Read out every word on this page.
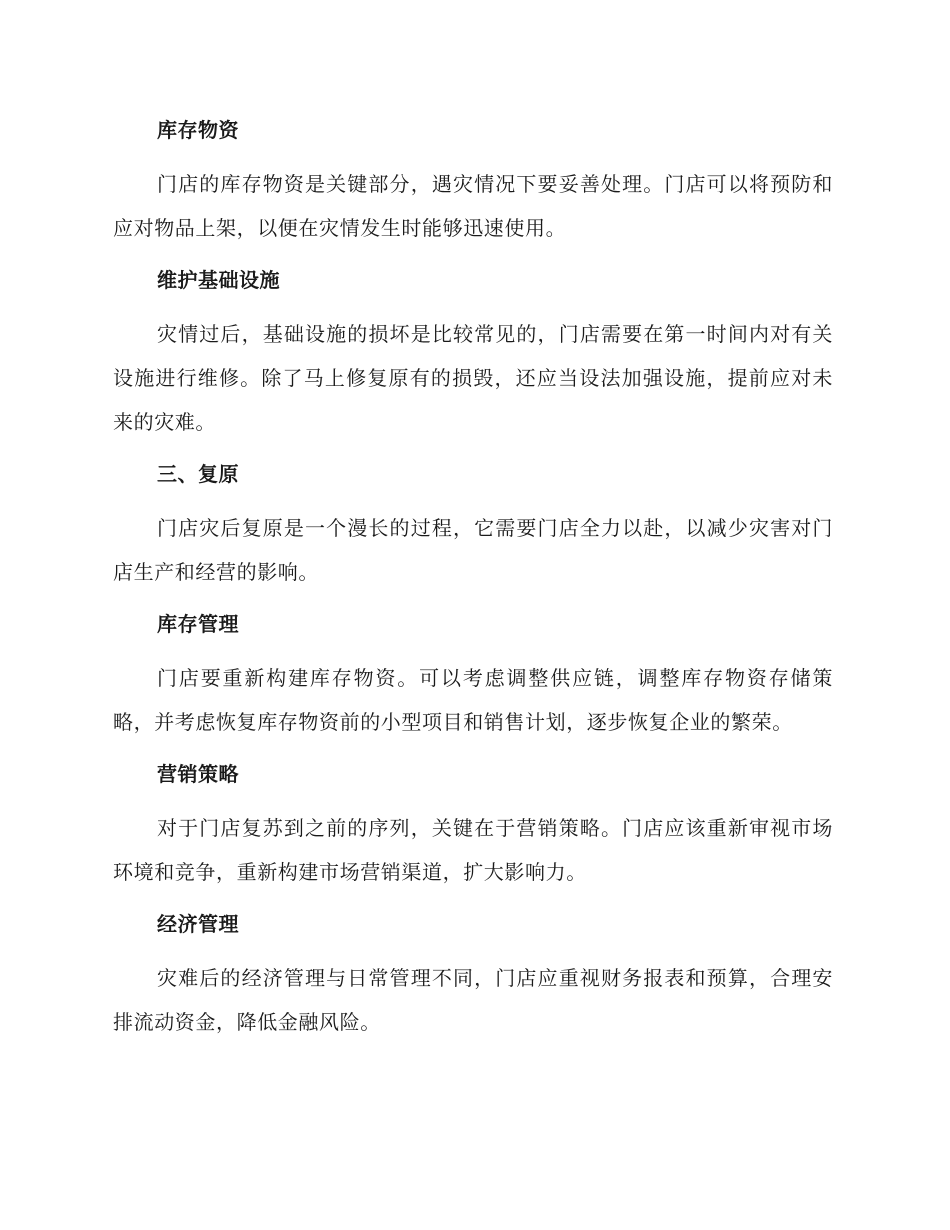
库存物资

门店的库存物资是关键部分，遇灾情况下要妥善处理。门店可以将预防和应对物品上架，以便在灾情发生时能够迅速使用。

维护基础设施

灾情过后，基础设施的损坏是比较常见的，门店需要在第一时间内对有关设施进行维修。除了马上修复原有的损毁，还应当设法加强设施，提前应对未来的灾难。

三、复原

门店灾后复原是一个漫长的过程，它需要门店全力以赴，以减少灾害对门店生产和经营的影响。

库存管理

门店要重新构建库存物资。可以考虑调整供应链，调整库存物资存储策略，并考虑恢复库存物资前的小型项目和销售计划，逐步恢复企业的繁荣。

营销策略

对于门店复苏到之前的序列，关键在于营销策略。门店应该重新审视市场环境和竞争，重新构建市场营销渠道，扩大影响力。

经济管理

灾难后的经济管理与日常管理不同，门店应重视财务报表和预算，合理安排流动资金，降低金融风险。
